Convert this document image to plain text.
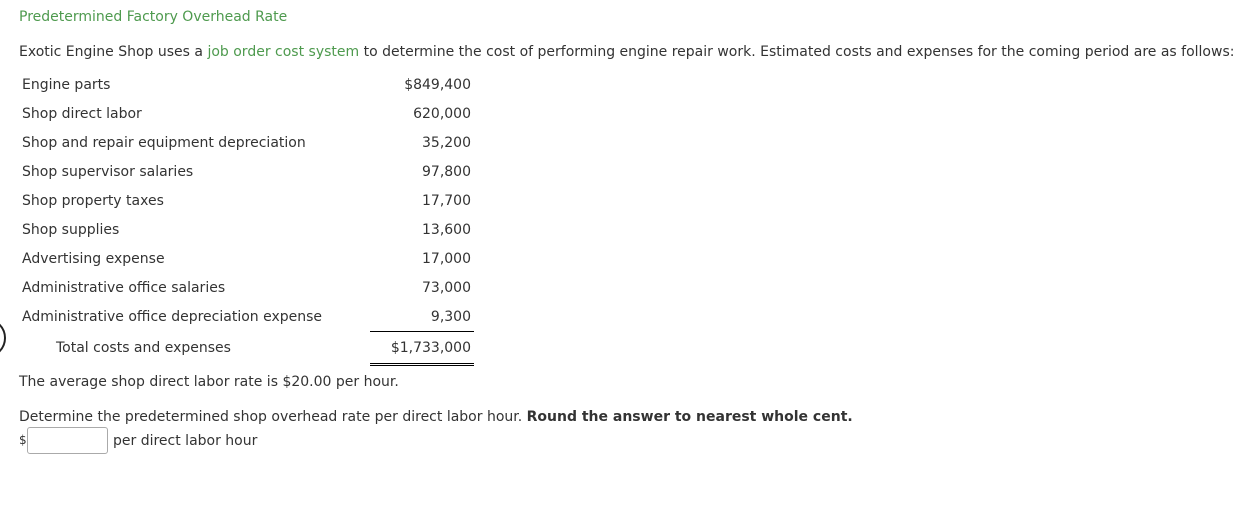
Predetermined Factory Overhead Rate
Exotic Engine Shop uses a job order cost system to determine the cost of performing engine repair work. Estimated costs and expenses for the coming period are as follows:
Engine parts	$849,400
Shop direct labor	620,000
Shop and repair equipment depreciation	35,200
Shop supervisor salaries	97,800
Shop property taxes	17,700
Shop supplies	13,600
Advertising expense	17,000
Administrative office salaries	73,000
Administrative office depreciation expense	9,300
Total costs and expenses	$1,733,000
The average shop direct labor rate is $20.00 per hour.
Determine the predetermined shop overhead rate per direct labor hour. Round the answer to nearest whole cent.
$	per direct labor hour
